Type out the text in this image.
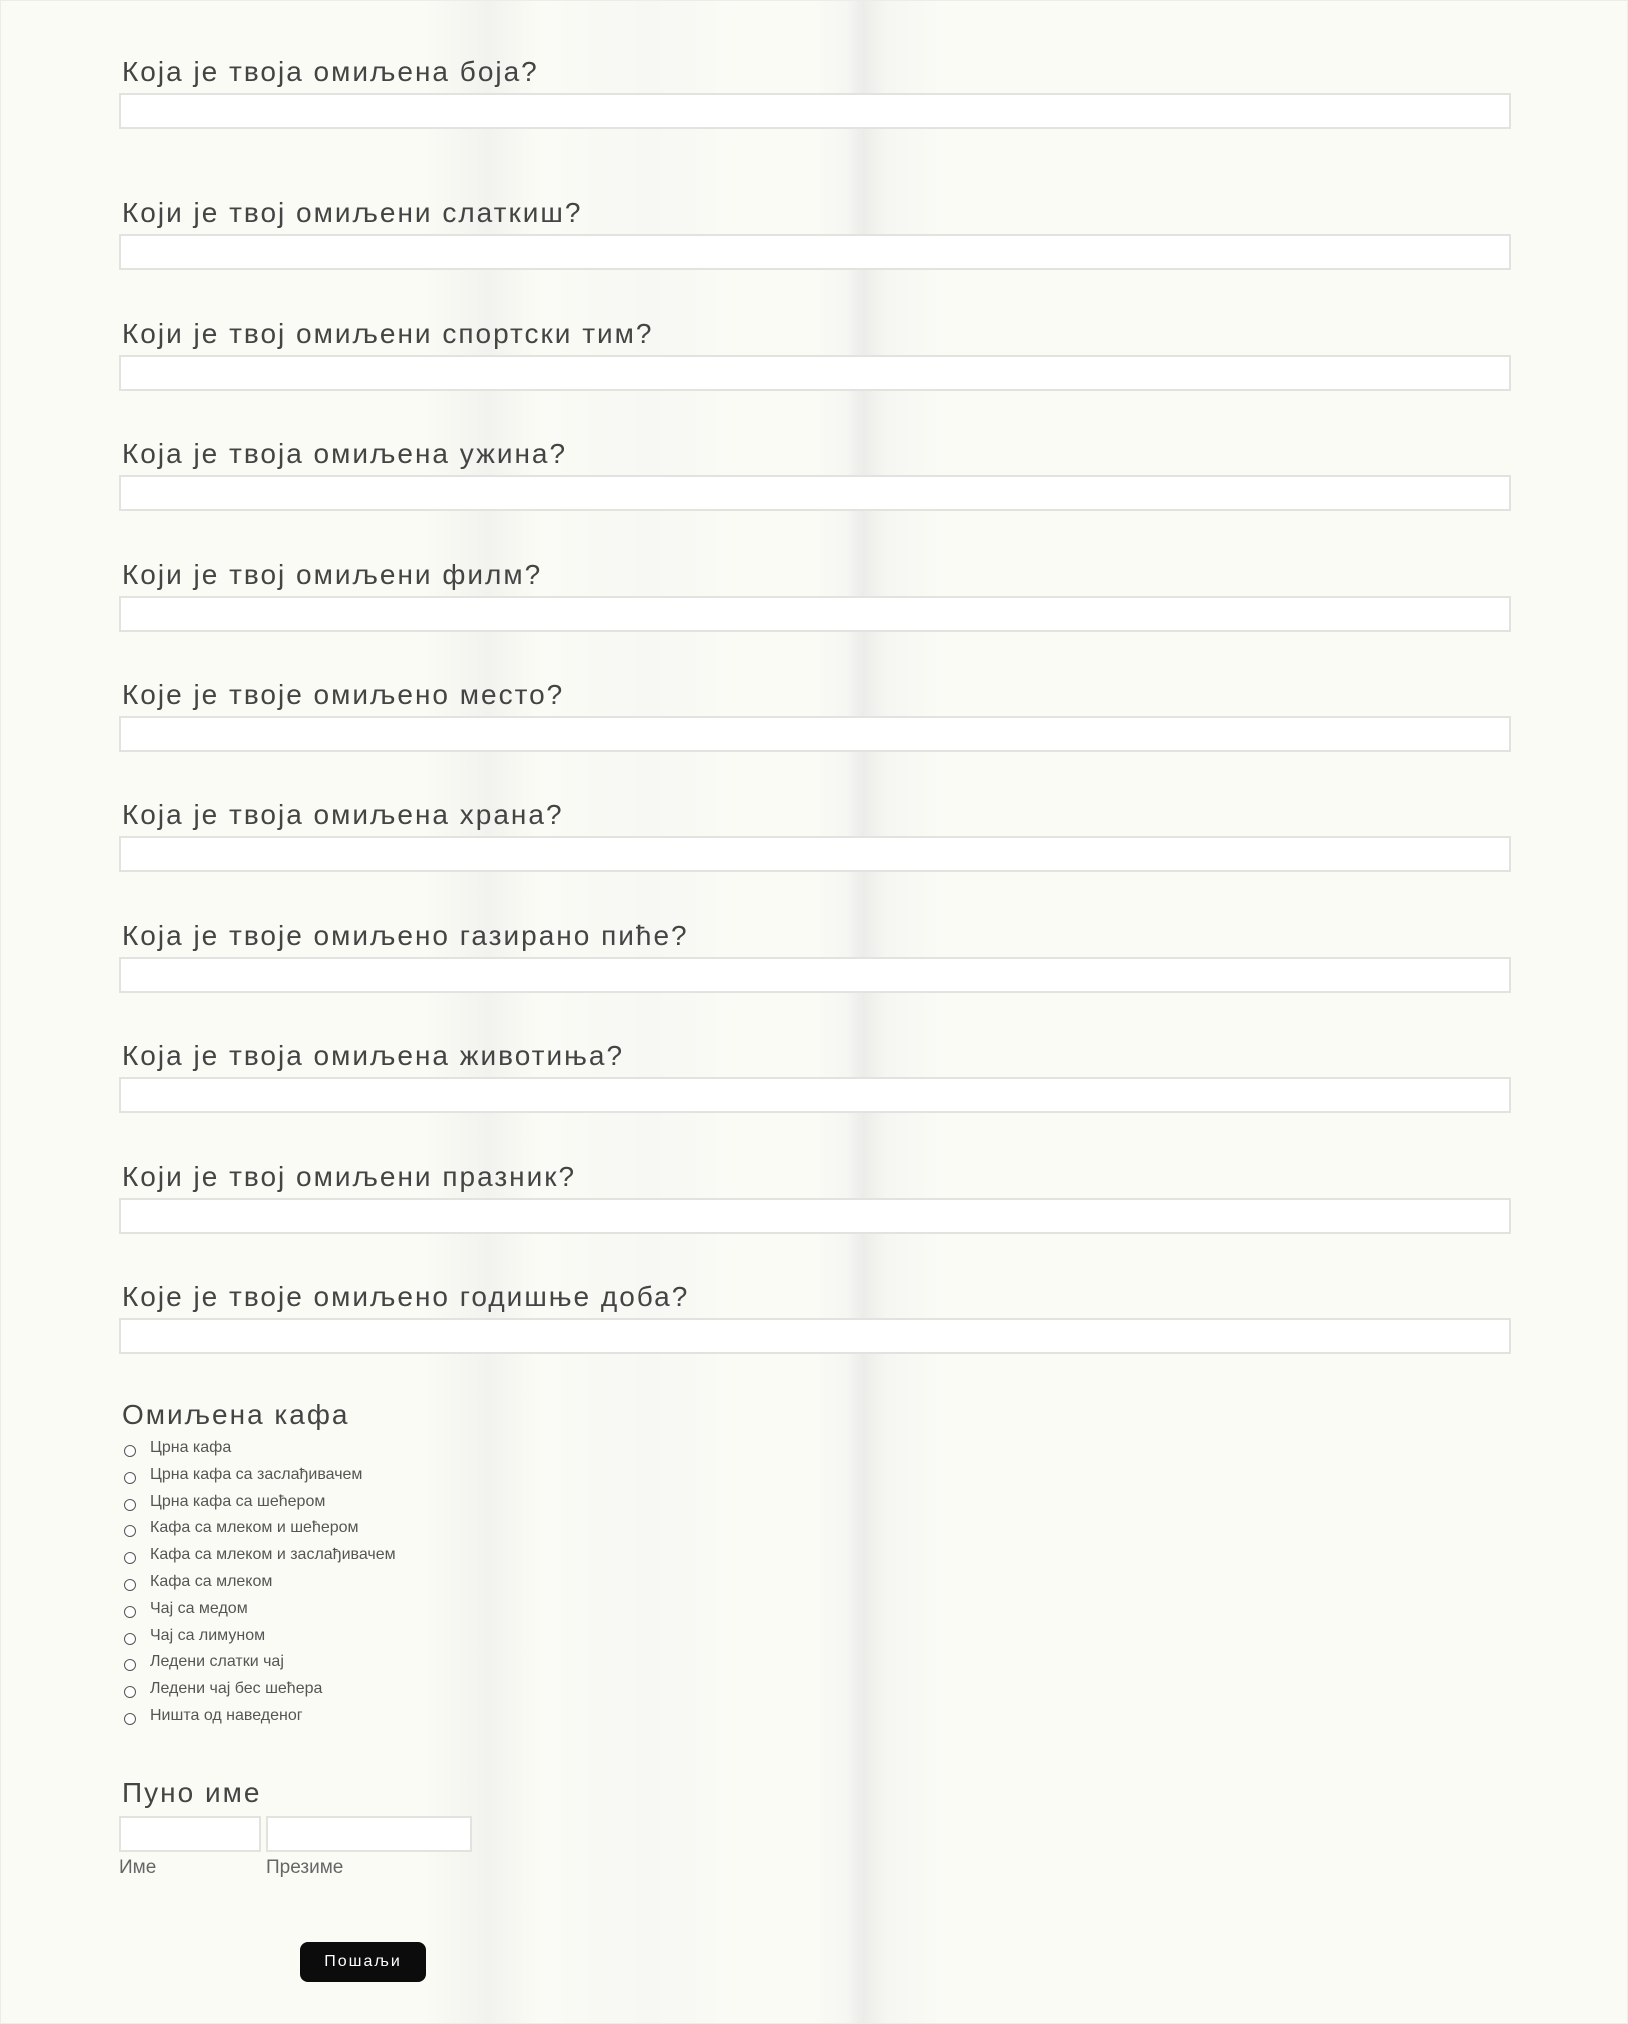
Која је твоја омиљена боја?
Који је твој омиљени слаткиш?
Који је твој омиљени спортски тим?
Која је твоја омиљена ужина?
Који је твој омиљени филм?
Које је твоје омиљено место?
Која је твоја омиљена храна?
Која је твоје омиљено газирано пиће?
Која је твоја омиљена животиња?
Који је твој омиљени празник?
Које је твоје омиљено годишње доба?
Омиљена кафа
Црна кафа
Црна кафа са заслађивачем
Црна кафа са шећером
Кафа са млеком и шећером
Кафа са млеком и заслађивачем
Кафа са млеком
Чај са медом
Чај са лимуном
Ледени слатки чај
Ледени чај бес шећера
Ништа од наведеног
Пуно име
Име	Презиме
Пошаљи
